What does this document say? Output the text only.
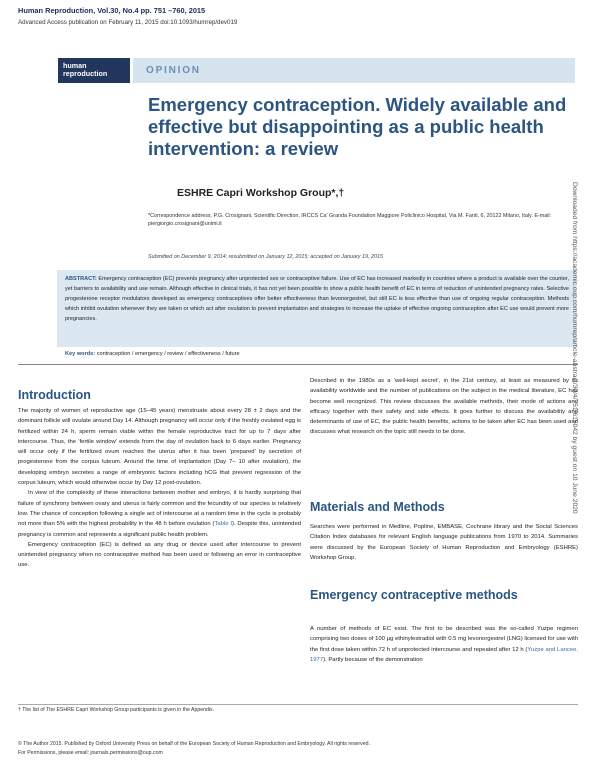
Human Reproduction, Vol.30, No.4 pp. 751 –760, 2015
Advanced Access publication on February 11, 2015 doi:10.1093/humrep/dev019
human
reproduction	OPINION
Emergency contraception. Widely available and effective but disappointing as a public health intervention: a review
ESHRE Capri Workshop Group*,†
*Correspondence address. P.G. Crosignani, Scientific Direction, IRCCS Ca' Granda Foundation Maggiore Policlinico Hospital, Via M. Fanti, 6, 20122 Milano, Italy. E-mail: piergiorgio.crosignani@unimi.it
Submitted on December 9, 2014; resubmitted on January 12, 2015; accepted on January 19, 2015

ABSTRACT: Emergency contraception (EC) prevents pregnancy after unprotected sex or contraceptive failure. Use of EC has increased markedly in countries where a product is available over the counter, yet barriers to availability and use remain. Although effective in clinical trials, it has not yet been possible to show a public health benefit of EC in terms of reduction of unintended pregnancy rates. Selective progesterone receptor modulators developed as emergency contraceptives offer better effectiveness than levonorgestrel, but still EC is less effective than use of ongoing regular contraception. Methods which inhibit ovulation whenever they are taken or which act after ovulation to prevent implantation and strategies to increase the uptake of effective ongoing contraception after EC use would prevent more pregnancies.

Key words: contraception / emergency / review / effectiveness / future
Introduction

The majority of women of reproductive age (15–45 years) menstruate about every 28 ± 2 days and the dominant follicle will ovulate around Day 14. Although pregnancy will occur only if the freshly ovulated egg is fertilized within 24 h, sperm remain viable within the female reproductive tract for up to 7 days after intercourse. Thus, the ‘fertile window’ extends from the day of ovulation back to 6 days earlier. Pregnancy will occur only if the fertilized ovum reaches the uterus after it has been ‘prepared’ by secretion of progesterone from the corpus luteum. Around the time of implantation (Day 7– 10 after ovulation), the developing embryo secretes a range of embryonic factors including hCG that prevent regression of the corpus luteum, which would otherwise occur by Day 12 post-ovulation.

In view of the complexity of these interactions between mother and embryo, it is hardly surprising that failure of synchrony between ovary and uterus is fairly common and the fecundity of our species is relatively low. The chance of conception following a single act of intercourse at a random time in the cycle is probably not more than 5% with the highest probability in the 48 h before ovulation (Table I). Despite this, unintended pregnancy is common and represents a significant public health problem.

Emergency contraception (EC) is defined as any drug or device used after intercourse to prevent unintended pregnancy when no contraceptive method has been used or following an error in contraceptive use.

Described in the 1980s as a ‘well-kept secret’, in the 21st century, at least as measured by its availability worldwide and the number of publications on the subject in the medical literature, EC has become well recognized. This review discusses the available methods, their mode of actions and efficacy together with their safety and side effects. It goes further to discuss the availability and determinants of use of EC, the public health benefits, actions to be taken after EC has been used and discusses what research on the topic still needs to be done.

Materials and Methods

Searches were performed in Medline, Popline, EMBASE, Cochrane library and the Social Sciences Citation Index databases for relevant English language publications from 1970 to 2014. Summaries were discussed by the European Society of Human Reproduction and Embryology (ESHRE) Workshop Group.

Emergency contraceptive methods

A number of methods of EC exist. The first to be described was the so-called Yuzpe regimen comprising two doses of 100 µg ethinylestradiol with 0.5 mg levonorgestrel (LNG) licensed for use with the first dose taken within 72 h of unprotected intercourse and repeated after 12 h (Yuzpe and Lancee, 1977). Partly because of the demonstration

† The list of The ESHRE Capri Workshop Group participants is given in the Appendix.
© The Author 2015. Published by Oxford University Press on behalf of the European Society of Human Reproduction and Embryology. All rights reserved.
For Permissions, please email: journals.permissions@oup.com
Downloaded from https://academic.oup.com/humrep/article-abstract/30/4/751/615042 by guest on 10 June 2020
